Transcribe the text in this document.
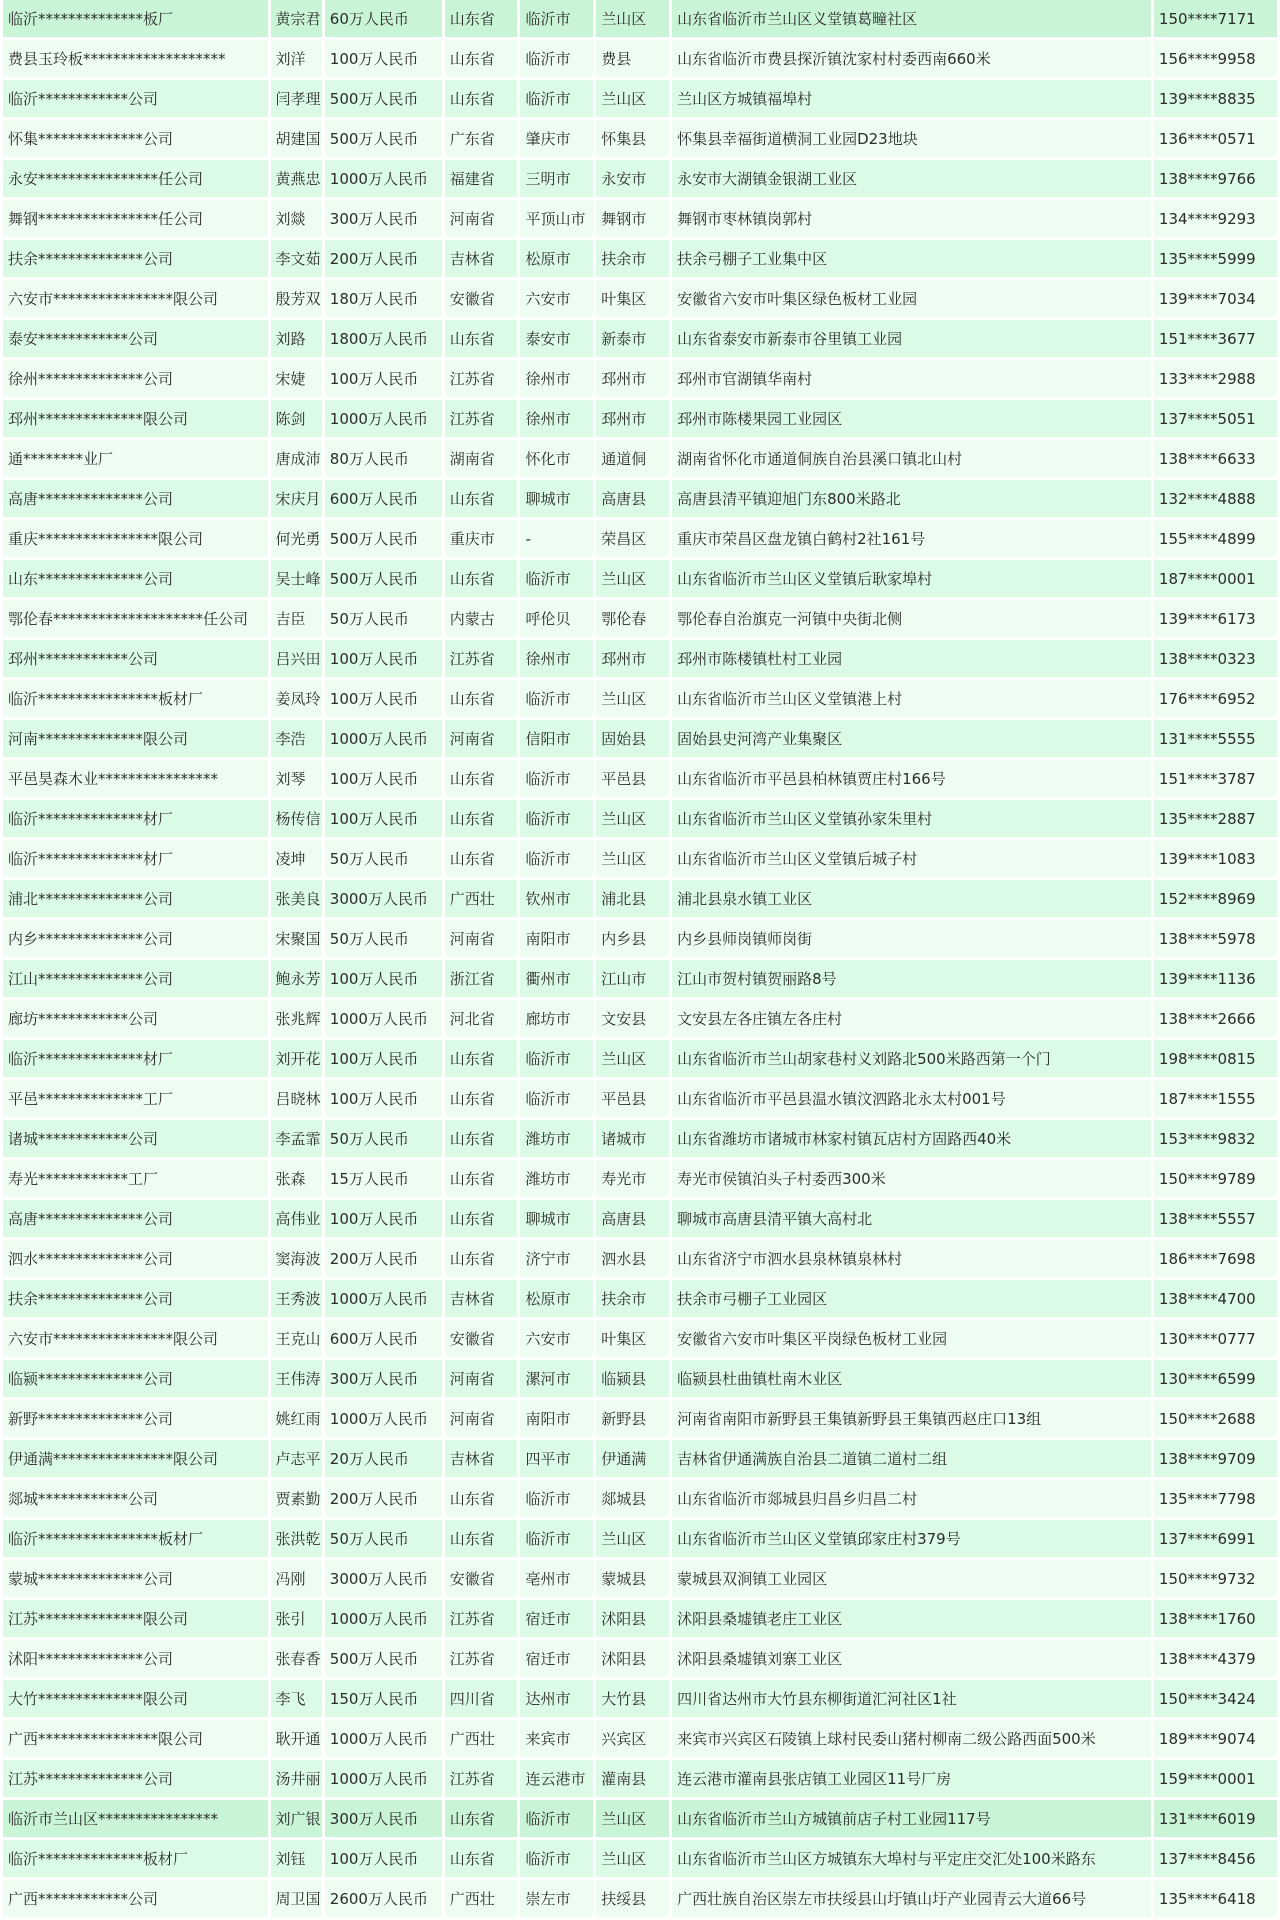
临沂**************板厂	黄宗君	60万人民币	山东省	临沂市	兰山区	山东省临沂市兰山区义堂镇葛疃社区	150****7171
费县玉玲板*******************	刘洋	100万人民币	山东省	临沂市	费县	山东省临沂市费县探沂镇沈家村村委西南660米	156****9958
临沂************公司	闫孝理	500万人民币	山东省	临沂市	兰山区	兰山区方城镇福埠村	139****8835
怀集**************公司	胡建国	500万人民币	广东省	肇庆市	怀集县	怀集县幸福街道横洞工业园D23地块	136****0571
永安****************任公司	黄燕忠	1000万人民币	福建省	三明市	永安市	永安市大湖镇金银湖工业区	138****9766
舞钢****************任公司	刘燚	300万人民币	河南省	平顶山市	舞钢市	舞钢市枣林镇岗郭村	134****9293
扶余**************公司	李文茹	200万人民币	吉林省	松原市	扶余市	扶余弓棚子工业集中区	135****5999
六安市****************限公司	殷芳双	180万人民币	安徽省	六安市	叶集区	安徽省六安市叶集区绿色板材工业园	139****7034
泰安************公司	刘路	1800万人民币	山东省	泰安市	新泰市	山东省泰安市新泰市谷里镇工业园	151****3677
徐州**************公司	宋婕	100万人民币	江苏省	徐州市	邳州市	邳州市官湖镇华南村	133****2988
邳州**************限公司	陈剑	1000万人民币	江苏省	徐州市	邳州市	邳州市陈楼果园工业园区	137****5051
通********业厂	唐成沛	80万人民币	湖南省	怀化市	通道侗	湖南省怀化市通道侗族自治县溪口镇北山村	138****6633
高唐**************公司	宋庆月	600万人民币	山东省	聊城市	高唐县	高唐县清平镇迎旭门东800米路北	132****4888
重庆****************限公司	何光勇	500万人民币	重庆市	-	荣昌区	重庆市荣昌区盘龙镇白鹤村2社161号	155****4899
山东**************公司	吴士峰	500万人民币	山东省	临沂市	兰山区	山东省临沂市兰山区义堂镇后耿家埠村	187****0001
鄂伦春********************任公司	吉臣	50万人民币	内蒙古	呼伦贝	鄂伦春	鄂伦春自治旗克一河镇中央街北侧	139****6173
邳州************公司	吕兴田	100万人民币	江苏省	徐州市	邳州市	邳州市陈楼镇杜村工业园	138****0323
临沂****************板材厂	姜凤玲	100万人民币	山东省	临沂市	兰山区	山东省临沂市兰山区义堂镇港上村	176****6952
河南**************限公司	李浩	1000万人民币	河南省	信阳市	固始县	固始县史河湾产业集聚区	131****5555
平邑昊森木业****************	刘琴	100万人民币	山东省	临沂市	平邑县	山东省临沂市平邑县柏林镇贾庄村166号	151****3787
临沂**************材厂	杨传信	100万人民币	山东省	临沂市	兰山区	山东省临沂市兰山区义堂镇孙家朱里村	135****2887
临沂**************材厂	凌坤	50万人民币	山东省	临沂市	兰山区	山东省临沂市兰山区义堂镇后城子村	139****1083
浦北**************公司	张美良	3000万人民币	广西壮	钦州市	浦北县	浦北县泉水镇工业区	152****8969
内乡**************公司	宋聚国	50万人民币	河南省	南阳市	内乡县	内乡县师岗镇师岗街	138****5978
江山**************公司	鲍永芳	100万人民币	浙江省	衢州市	江山市	江山市贺村镇贺丽路8号	139****1136
廊坊************公司	张兆辉	1000万人民币	河北省	廊坊市	文安县	文安县左各庄镇左各庄村	138****2666
临沂**************材厂	刘开花	100万人民币	山东省	临沂市	兰山区	山东省临沂市兰山胡家巷村义刘路北500米路西第一个门	198****0815
平邑**************工厂	吕晓林	100万人民币	山东省	临沂市	平邑县	山东省临沂市平邑县温水镇汶泗路北永太村001号	187****1555
诸城************公司	李孟霏	50万人民币	山东省	潍坊市	诸城市	山东省潍坊市诸城市林家村镇瓦店村方固路西40米	153****9832
寿光************工厂	张森	15万人民币	山东省	潍坊市	寿光市	寿光市侯镇泊头子村委西300米	150****9789
高唐**************公司	高伟业	100万人民币	山东省	聊城市	高唐县	聊城市高唐县清平镇大高村北	138****5557
泗水**************公司	窦海波	200万人民币	山东省	济宁市	泗水县	山东省济宁市泗水县泉林镇泉林村	186****7698
扶余**************公司	王秀波	1000万人民币	吉林省	松原市	扶余市	扶余市弓棚子工业园区	138****4700
六安市****************限公司	王克山	600万人民币	安徽省	六安市	叶集区	安徽省六安市叶集区平岗绿色板材工业园	130****0777
临颍**************公司	王伟涛	300万人民币	河南省	漯河市	临颍县	临颍县杜曲镇杜南木业区	130****6599
新野**************公司	姚红雨	1000万人民币	河南省	南阳市	新野县	河南省南阳市新野县王集镇新野县王集镇西赵庄口13组	150****2688
伊通满****************限公司	卢志平	20万人民币	吉林省	四平市	伊通满	吉林省伊通满族自治县二道镇二道村二组	138****9709
郯城************公司	贾素勤	200万人民币	山东省	临沂市	郯城县	山东省临沂市郯城县归昌乡归昌二村	135****7798
临沂****************板材厂	张洪乾	50万人民币	山东省	临沂市	兰山区	山东省临沂市兰山区义堂镇邱家庄村379号	137****6991
蒙城**************公司	冯刚	3000万人民币	安徽省	亳州市	蒙城县	蒙城县双涧镇工业园区	150****9732
江苏**************限公司	张引	1000万人民币	江苏省	宿迁市	沭阳县	沭阳县桑墟镇老庄工业区	138****1760
沭阳**************公司	张春香	500万人民币	江苏省	宿迁市	沭阳县	沭阳县桑墟镇刘寨工业区	138****4379
大竹**************限公司	李飞	150万人民币	四川省	达州市	大竹县	四川省达州市大竹县东柳街道汇河社区1社	150****3424
广西****************限公司	耿开通	1000万人民币	广西壮	来宾市	兴宾区	来宾市兴宾区石陵镇上球村民委山猪村柳南二级公路西面500米	189****9074
江苏**************公司	汤井丽	1000万人民币	江苏省	连云港市	灌南县	连云港市灌南县张店镇工业园区11号厂房	159****0001
临沂市兰山区****************	刘广银	300万人民币	山东省	临沂市	兰山区	山东省临沂市兰山方城镇前店子村工业园117号	131****6019
临沂**************板材厂	刘钰	100万人民币	山东省	临沂市	兰山区	山东省临沂市兰山区方城镇东大埠村与平定庄交汇处100米路东	137****8456
广西************公司	周卫国	2600万人民币	广西壮	崇左市	扶绥县	广西壮族自治区崇左市扶绥县山圩镇山圩产业园青云大道66号	135****6418
